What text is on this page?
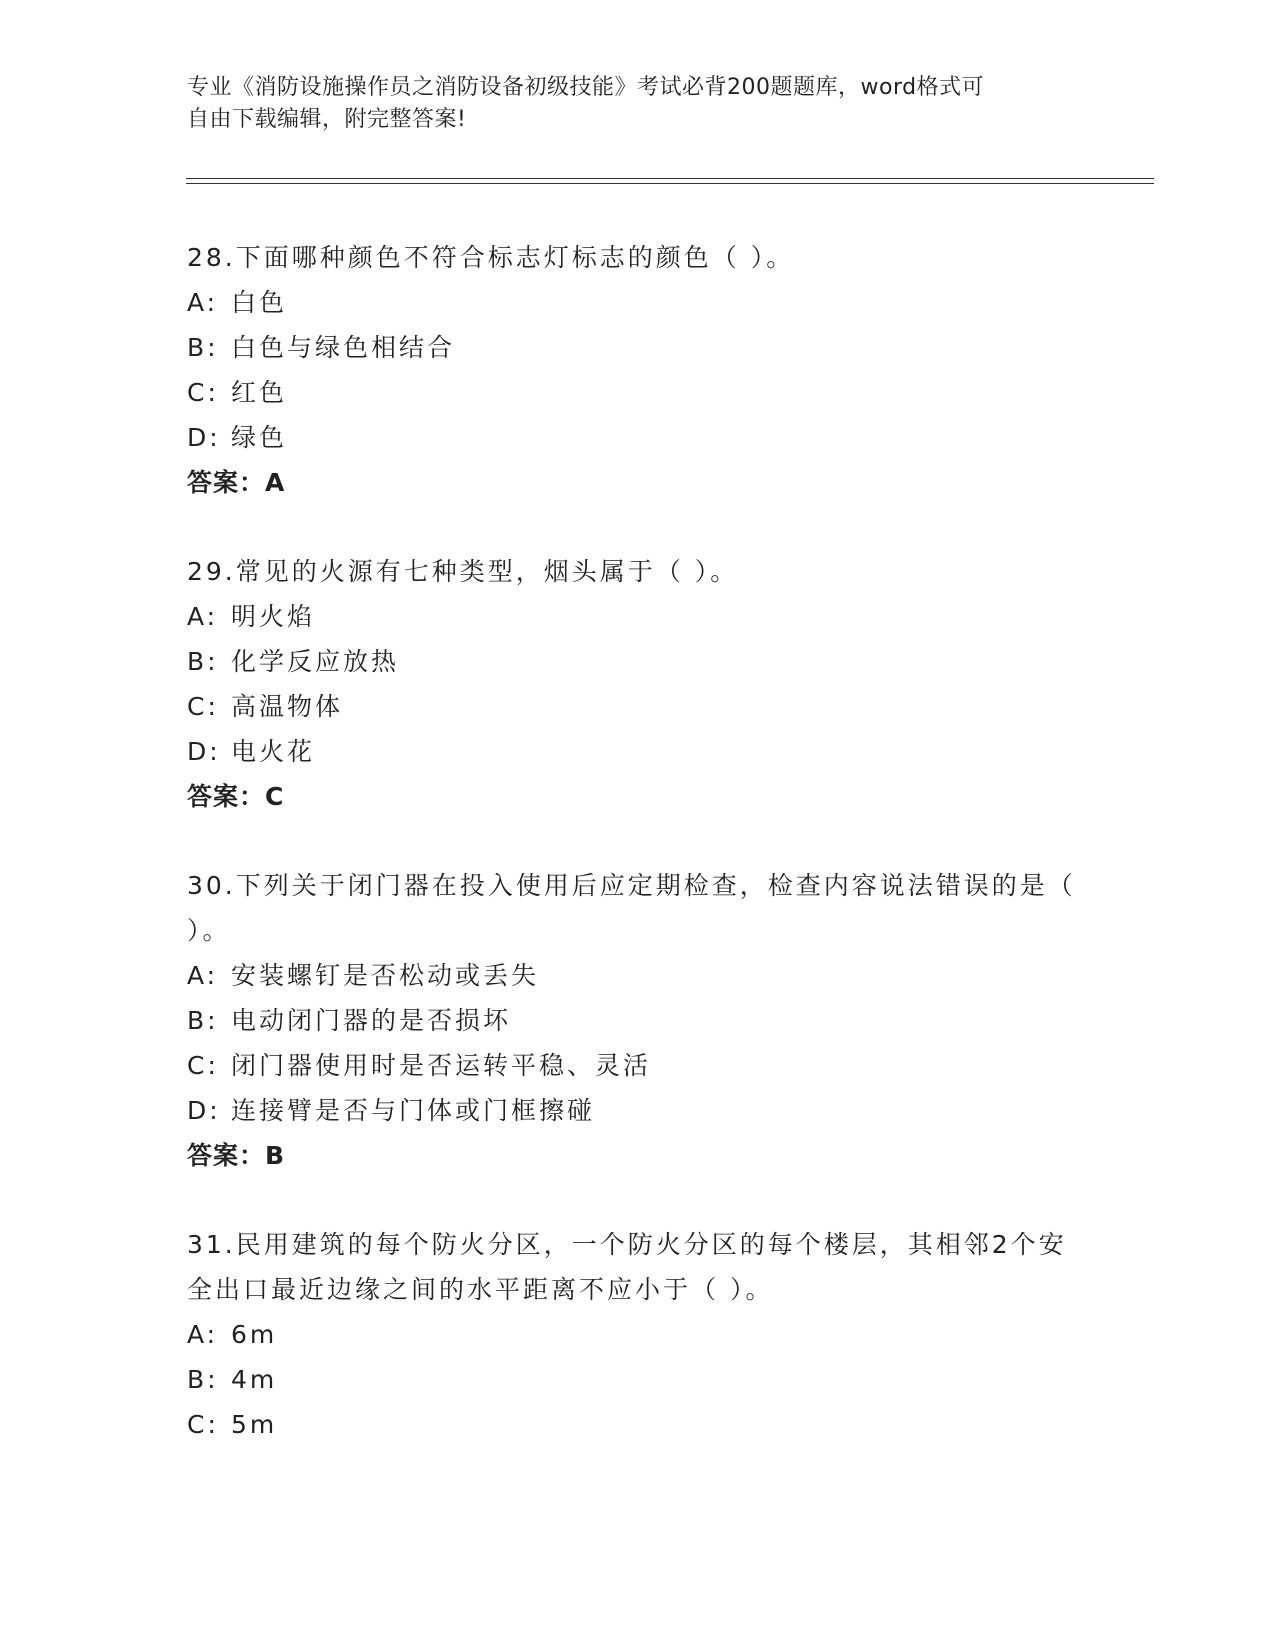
专业《消防设施操作员之消防设备初级技能》考试必背200题题库，word格式可
自由下载编辑，附完整答案!
28.下面哪种颜色不符合标志灯标志的颜色（ ）。
A: 白色
B: 白色与绿色相结合
C: 红色
D: 绿色
答案：A
29.常见的火源有七种类型，烟头属于（ ）。
A: 明火焰
B: 化学反应放热
C: 高温物体
D: 电火花
答案：C
30.下列关于闭门器在投入使用后应定期检查，检查内容说法错误的是（ ）。
A: 安装螺钉是否松动或丢失
B: 电动闭门器的是否损坏
C: 闭门器使用时是否运转平稳、灵活
D: 连接臂是否与门体或门框擦碰
答案：B
31.民用建筑的每个防火分区，一个防火分区的每个楼层，其相邻2个安全出口最近边缘之间的水平距离不应小于（ ）。
A: 6m
B: 4m
C: 5m
